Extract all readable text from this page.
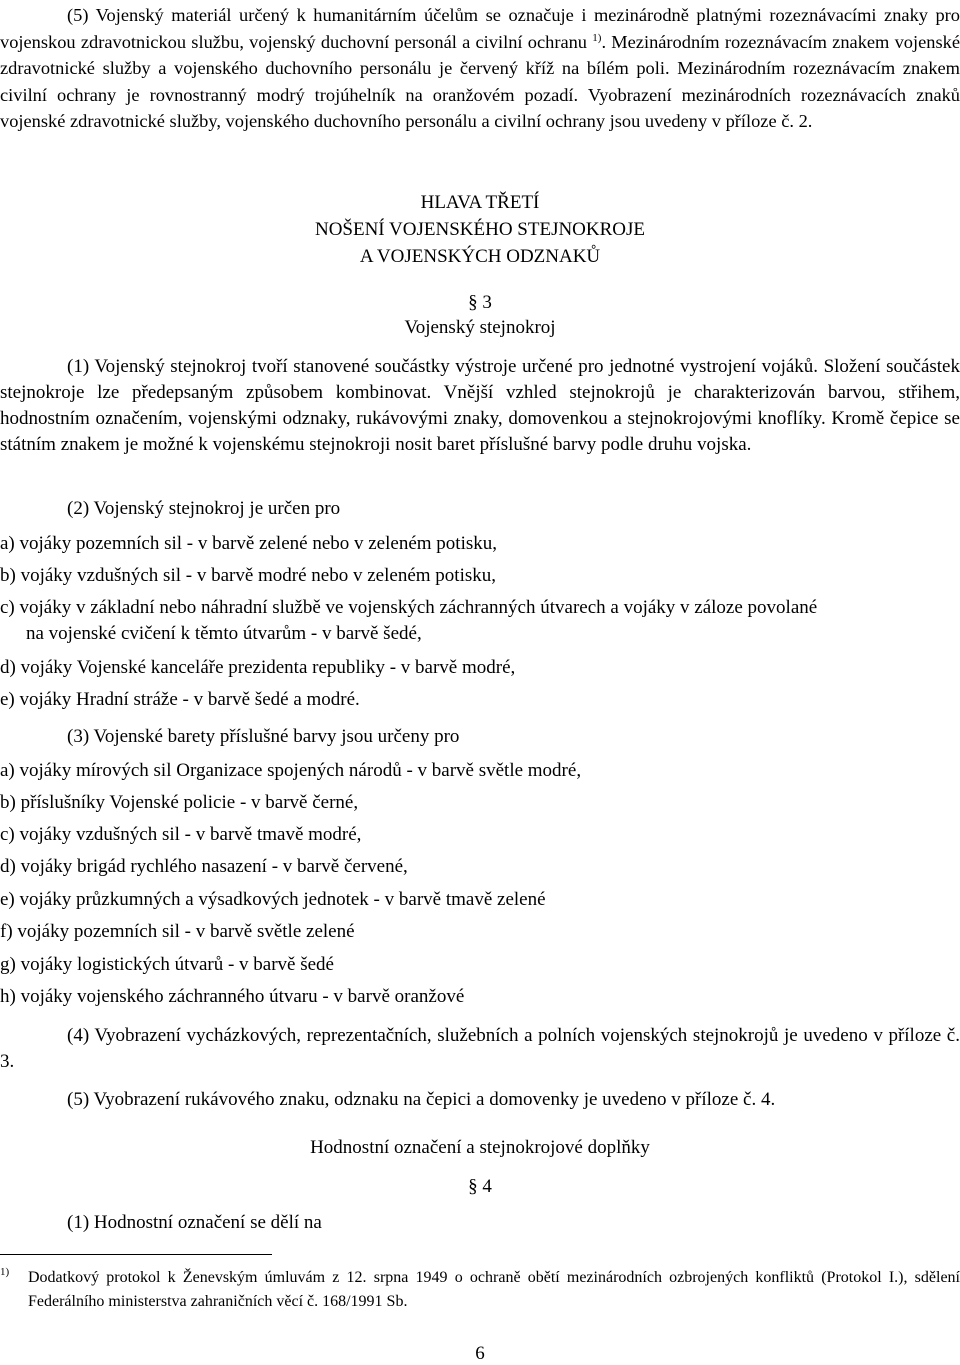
(5) Vojenský materiál určený k humanitárním účelům se označuje i mezinárodně platnými rozeznávacími znaky pro vojenskou zdravotnickou službu, vojenský duchovní personál a civilní ochranu $^{1)}$. Mezinárodním rozeznávacím znakem vojenské zdravotnické služby a vojenského duchovního personálu je červený kříž na bílém poli. Mezinárodním rozeznávacím znakem civilní ochrany je rovnostranný modrý trojúhelník na oranžovém pozadí. Vyobrazení mezinárodních rozeznávacích znaků vojenské zdravotnické služby, vojenského duchovního personálu a civilní ochrany jsou uvedeny v příloze č. 2.

HLAVA TŘETÍ

NOŠENÍ VOJENSKÉHO STEJNOKROJE

A VOJENSKÝCH ODZNAKŮ

§ 3

Vojenský stejnokroj

(1) Vojenský stejnokroj tvoří stanovené součástky výstroje určené pro jednotné vystrojení vojáků. Složení součástek stejnokroje lze předepsaným způsobem kombinovat. Vnější vzhled stejnokrojů je charakterizován barvou, střihem, hodnostním označením, vojenskými odznaky, rukávovými znaky, domovenkou a stejnokrojovými knoflíky. Kromě čepice se státním znakem je možné k vojenskému stejnokroji nosit baret příslušné barvy podle druhu vojska.

(2) Vojenský stejnokroj je určen pro

a) vojáky pozemních sil - v barvě zelené nebo v zeleném potisku,

b) vojáky vzdušných sil - v barvě modré nebo v zeleném potisku,

c) vojáky v základní nebo náhradní službě ve vojenských záchranných útvarech a vojáky v záloze povolané

na vojenské cvičení k těmto útvarům - v barvě šedé,

d) vojáky Vojenské kanceláře prezidenta republiky - v barvě modré,

e) vojáky Hradní stráže - v barvě šedé a modré.

(3) Vojenské barety příslušné barvy jsou určeny pro

a) vojáky mírových sil Organizace spojených národů - v barvě světle modré,

b) příslušníky Vojenské policie - v barvě černé,

c) vojáky vzdušných sil - v barvě tmavě modré,

d) vojáky brigád rychlého nasazení - v barvě červené,

e) vojáky průzkumných a výsadkových jednotek - v barvě tmavě zelené

f) vojáky pozemních sil - v barvě světle zelené

g) vojáky logistických útvarů - v barvě šedé

h) vojáky vojenského záchranného útvaru - v barvě oranžové

(4) Vyobrazení vycházkových, reprezentačních, služebních a polních vojenských stejnokrojů je uvedeno v příloze č. 3.

(5) Vyobrazení rukávového znaku, odznaku na čepici a domovenky je uvedeno v příloze č. 4.

Hodnostní označení a stejnokrojové doplňky

§ 4

(1) Hodnostní označení se dělí na

1)	Dodatkový protokol k Ženevským úmluvám z 12. srpna 1949 o ochraně obětí mezinárodních ozbrojených konfliktů (Protokol I.), sdělení Federálního ministerstva zahraničních věcí č. 168/1991 Sb.
6
